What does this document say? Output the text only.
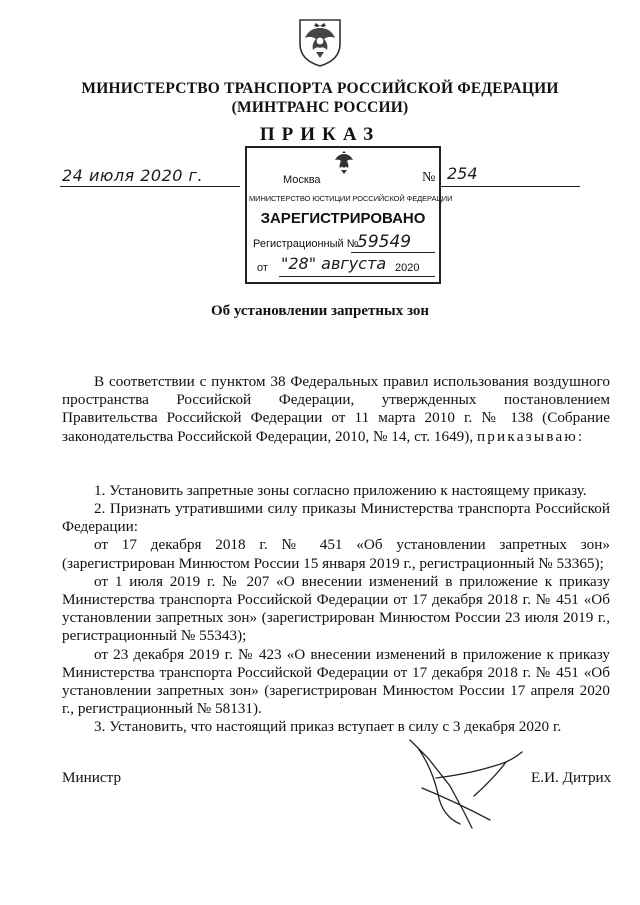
МИНИСТЕРСТВО ТРАНСПОРТА РОССИЙСКОЙ ФЕДЕРАЦИИ
(МИНТРАНС РОССИИ)
ПРИКАЗ
24 июля 2020 г.	№ 254
Москва
МИНИСТЕРСТВО ЮСТИЦИИ РОССИЙСКОЙ ФЕДЕРАЦИИ
ЗАРЕГИСТРИРОВАНО
Регистрационный №
59549
от "28" августа 2020
Об установлении запретных зон

В соответствии с пунктом 38 Федеральных правил использования воздушного пространства Российской Федерации, утвержденных постановлением Правительства Российской Федерации от 11 марта 2010 г. № 138 (Собрание законодательства Российской Федерации, 2010, № 14, ст. 1649), приказываю:

1. Установить запретные зоны согласно приложению к настоящему приказу.

2. Признать утратившими силу приказы Министерства транспорта Российской Федерации:

от 17 декабря 2018 г. № 451 «Об установлении запретных зон» (зарегистрирован Минюстом России 15 января 2019 г., регистрационный № 53365);

от 1 июля 2019 г. № 207 «О внесении изменений в приложение к приказу Министерства транспорта Российской Федерации от 17 декабря 2018 г. № 451 «Об установлении запретных зон» (зарегистрирован Минюстом России 23 июля 2019 г., регистрационный № 55343);

от 23 декабря 2019 г. № 423 «О внесении изменений в приложение к приказу Министерства транспорта Российской Федерации от 17 декабря 2018 г. № 451 «Об установлении запретных зон» (зарегистрирован Минюстом России 17 апреля 2020 г., регистрационный № 58131).

3. Установить, что настоящий приказ вступает в силу с 3 декабря 2020 г.

Министр	Е.И. Дитрих
